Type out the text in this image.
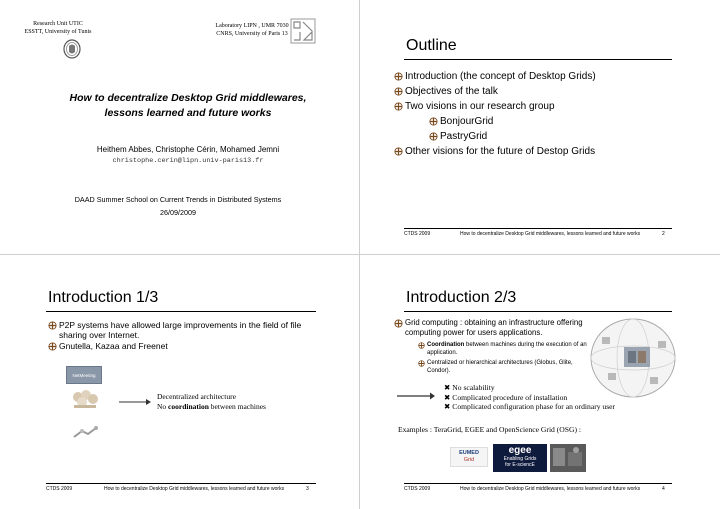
Research Unit UTIC
ESSTT, University of Tunis
Laboratory LIPN , UMR 7030
CNRS, University of Paris 13
How to decentralize Desktop Grid middlewares,
lessons learned and future works
Heithem Abbes, Christophe Cérin, Mohamed Jemni
christophe.cerin@lipn.univ-paris13.fr
DAAD Summer School on Current Trends in Distributed Systems
26/09/2009
Outline
Introduction (the concept of Desktop Grids)
Objectives of the talk
Two visions in our research group
BonjourGrid
PastryGrid
Other visions for the future of Destop Grids
CTDS 2009	How to decentralize Desktop Grid middlewares, lessons learned and future works	2
Introduction 1/3
P2P systems have allowed large improvements in the field of file sharing over Internet.
Gnutella, Kazaa and Freenet
NetMeeting
Decentralized architecture
No coordination between machines
CTDS 2009	How to decentralize Desktop Grid middlewares, lessons learned and future works	3
Introduction 2/3
Grid computing : obtaining an infrastructure offering computing power for users applications.
Coordination between machines during the execution of an application.
Centralized or hierarchical architectures (Globus, Glite, Condor).
✖ No scalability
✖ Complicated procedure of installation
✖ Complicated configuration phase for an ordinary user
Examples : TeraGrid, EGEE and OpenScience Grid (OSG) :
EUMED
Grid
egee
Enabling Grids
for E-sciencE
CTDS 2009	How to decentralize Desktop Grid middlewares, lessons learned and future works	4
